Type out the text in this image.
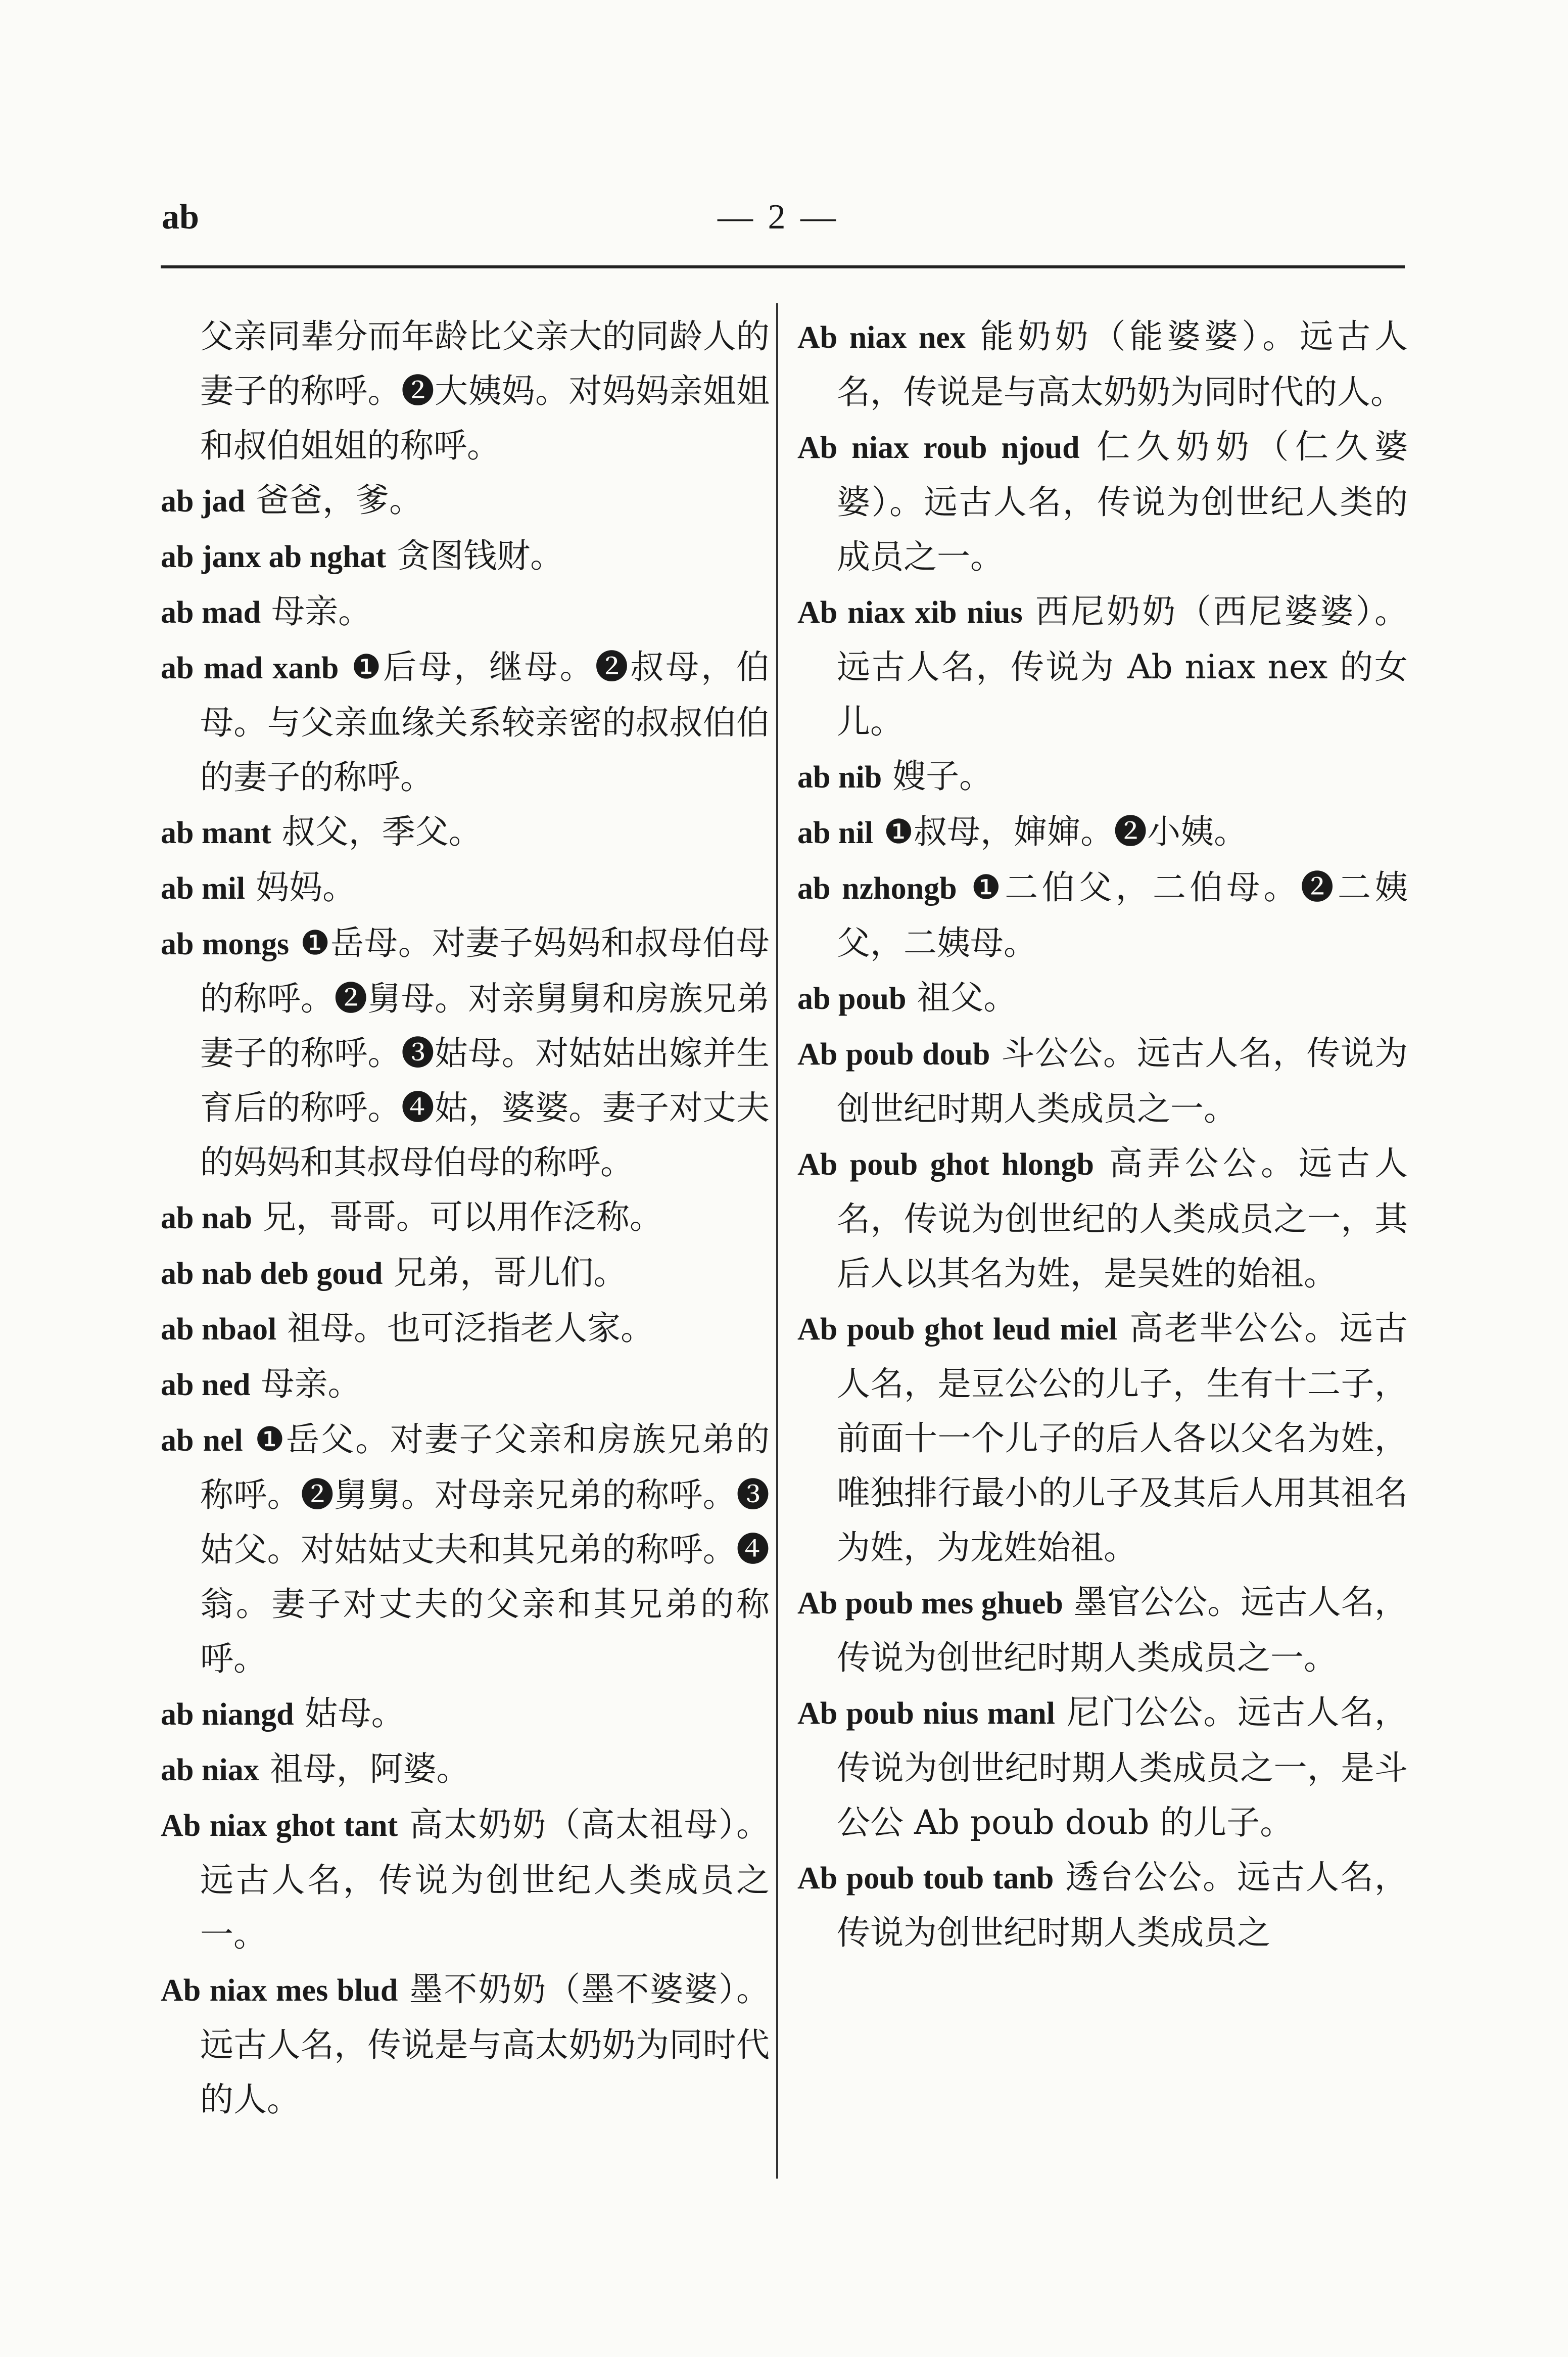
ab	— 2 —
父亲同辈分而年龄比父亲大的同龄人的妻子的称呼。❷大姨妈。对妈妈亲姐姐和叔伯姐姐的称呼。
ab jad 爸爸，爹。
ab janx ab nghat 贪图钱财。
ab mad 母亲。
ab mad xanb ❶后母，继母。❷叔母，伯母。与父亲血缘关系较亲密的叔叔伯伯的妻子的称呼。
ab mant 叔父，季父。
ab mil 妈妈。
ab mongs ❶岳母。对妻子妈妈和叔母伯母的称呼。❷舅母。对亲舅舅和房族兄弟妻子的称呼。❸姑母。对姑姑出嫁并生育后的称呼。❹姑，婆婆。妻子对丈夫的妈妈和其叔母伯母的称呼。
ab nab 兄，哥哥。可以用作泛称。
ab nab deb goud 兄弟，哥儿们。
ab nbaol 祖母。也可泛指老人家。
ab ned 母亲。
ab nel ❶岳父。对妻子父亲和房族兄弟的称呼。❷舅舅。对母亲兄弟的称呼。❸姑父。对姑姑丈夫和其兄弟的称呼。❹翁。妻子对丈夫的父亲和其兄弟的称呼。
ab niangd 姑母。
ab niax 祖母，阿婆。
Ab niax ghot tant 高太奶奶（高太祖母）。远古人名，传说为创世纪人类成员之一。
Ab niax mes blud 墨不奶奶（墨不婆婆）。远古人名，传说是与高太奶奶为同时代的人。
Ab niax nex 能奶奶（能婆婆）。远古人名，传说是与高太奶奶为同时代的人。
Ab niax roub njoud 仁久奶奶（仁久婆婆）。远古人名，传说为创世纪人类的成员之一。
Ab niax xib nius 西尼奶奶（西尼婆婆）。远古人名，传说为 Ab niax nex 的女儿。
ab nib 嫂子。
ab nil ❶叔母，婶婶。❷小姨。
ab nzhongb ❶二伯父，二伯母。❷二姨父，二姨母。
ab poub 祖父。
Ab poub doub 斗公公。远古人名，传说为创世纪时期人类成员之一。
Ab poub ghot hlongb 高弄公公。远古人名，传说为创世纪的人类成员之一，其后人以其名为姓，是吴姓的始祖。
Ab poub ghot leud miel 高老芈公公。远古人名，是豆公公的儿子，生有十二子，前面十一个儿子的后人各以父名为姓，唯独排行最小的儿子及其后人用其祖名为姓，为龙姓始祖。
Ab poub mes ghueb 墨官公公。远古人名，传说为创世纪时期人类成员之一。
Ab poub nius manl 尼门公公。远古人名，传说为创世纪时期人类成员之一，是斗公公 Ab poub doub 的儿子。
Ab poub toub tanb 透台公公。远古人名，传说为创世纪时期人类成员之
